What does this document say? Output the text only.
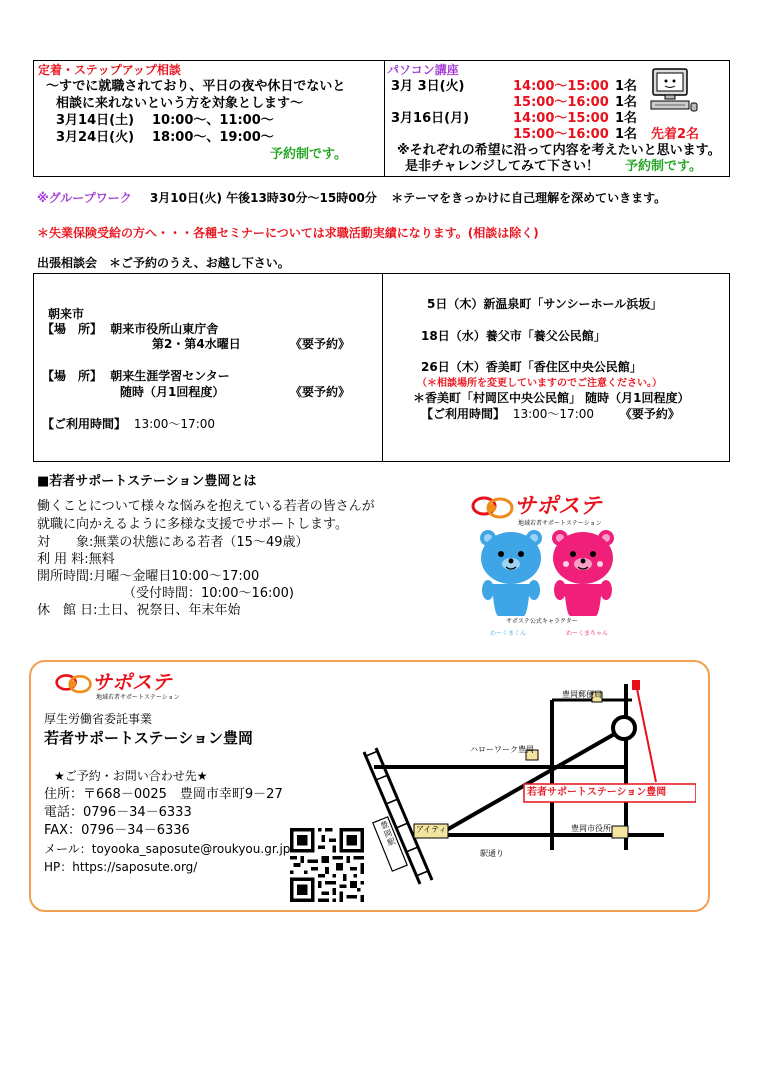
定着・ステップアップ相談
～すでに就職されており、平日の夜や休日でないと
相談に来れないという方を対象とします～
3月14日(土) 10:00～、11:00～
3月24日(火) 18:00～、19:00～
予約制です。
パソコン講座
3月 3日(火)	14:00～15:00 1名
15:00～16:00 1名
3月16日(月)	14:00～15:00 1名
15:00～16:00 1名 先着2名
※それぞれの希望に沿って内容を考えたいと思います。
是非チャレンジしてみて下さい！ 予約制です。
※グループワーク 3月10日(火) 午後13時30分～15時00分 ＊テーマをきっかけに自己理解を深めていきます。
＊失業保険受給の方へ・・・各種セミナーについては求職活動実績になります。(相談は除く)
出張相談会　＊ご予約のうえ、お越し下さい。
朝来市
【場　所】 朝来市役所山東庁舎
第2・第4水曜日	《要予約》
【場　所】 朝来生涯学習センター
随時（月1回程度）	《要予約》
【ご利用時間】 13:00～17:00
5日（木）新温泉町「サンシーホール浜坂」
18日（水）養父市「養父公民館」
26日（木）香美町「香住区中央公民館」
（＊相談場所を変更していますのでご注意ください。）
＊香美町「村岡区中央公民館」 随時（月1回程度）
【ご利用時間】 13:00～17:00 《要予約》
■若者サポートステーション豊岡とは
働くことについて様々な悩みを抱えている若者の皆さんが
就職に向かえるように多様な支援でサポートします。
対　　象:無業の状態にある若者（15～49歳）
利 用 料:無料
開所時間:月曜～金曜日10:00～17:00
（受付時間：10:00～16:00)
休　館 日:土日、祝祭日、年末年始
サポステ
地域若者サポートステーション
サポステ公式キャラクター
わーくまくん	わーくまちゃん
サポステ
地域若者サポートステーション
厚生労働省委託事業
若者サポートステーション豊岡
★ご予約・お問い合わせ先★
住所：〒668－0025　豊岡市幸町9－27
電話：0796－34－6333
FAX：0796－34－6336
メール：toyooka_saposute@roukyou.gr.jp
HP：https://saposute.org/
豊岡郵便局
ハローワーク豊岡
若者サポートステーション豊岡
アイティ	豊岡市役所
駅通り
豊岡駅
